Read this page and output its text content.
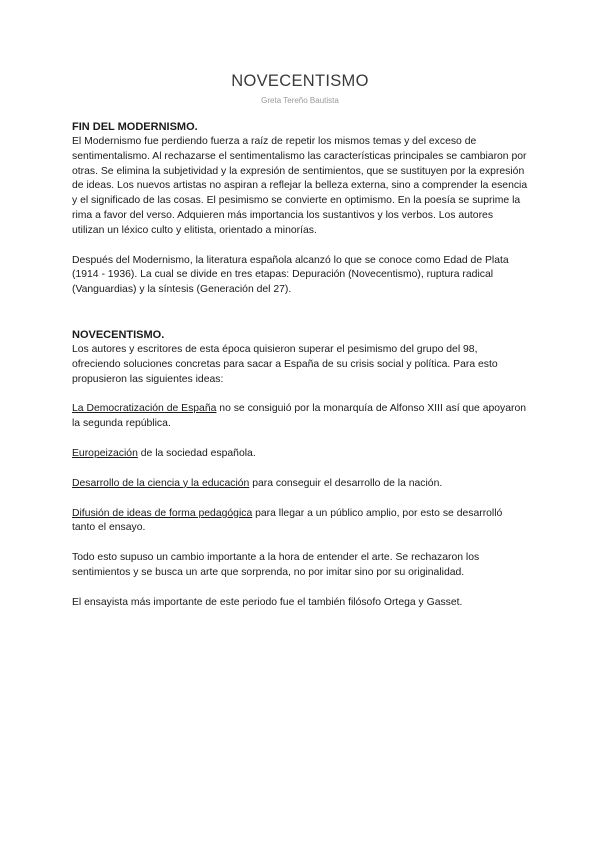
NOVECENTISMO
Greta Tereño Bautista

FIN DEL MODERNISMO.

El Modernismo fue perdiendo fuerza a raíz de repetir los mismos temas y del exceso de sentimentalismo. Al rechazarse el sentimentalismo las características principales se cambiaron por otras. Se elimina la subjetividad y la expresión de sentimientos, que se sustituyen por la expresión de ideas. Los nuevos artistas no aspiran a reflejar la belleza externa, sino a comprender la esencia y el significado de las cosas. El pesimismo se convierte en optimismo. En la poesía se suprime la rima a favor del verso. Adquieren más importancia los sustantivos y los verbos. Los autores utilizan un léxico culto y elitista, orientado a minorías.

Después del Modernismo, la literatura española alcanzó lo que se conoce como Edad de Plata (1914 - 1936). La cual se divide en tres etapas: Depuración (Novecentismo), ruptura radical (Vanguardias) y la síntesis (Generación del 27).

NOVECENTISMO.

Los autores y escritores de esta época quisieron superar el pesimismo del grupo del 98, ofreciendo soluciones concretas para sacar a España de su crisis social y política. Para esto propusieron las siguientes ideas:

La Democratización de España no se consiguió por la monarquía de Alfonso XIII así que apoyaron la segunda república.

Europeización de la sociedad española.

Desarrollo de la ciencia y la educación para conseguir el desarrollo de la nación.

Difusión de ideas de forma pedagógica para llegar a un público amplio, por esto se desarrolló tanto el ensayo.

Todo esto supuso un cambio importante a la hora de entender el arte. Se rechazaron los sentimientos y se busca un arte que sorprenda, no por imitar sino por su originalidad.

El ensayista más importante de este periodo fue el también filósofo Ortega y Gasset.
